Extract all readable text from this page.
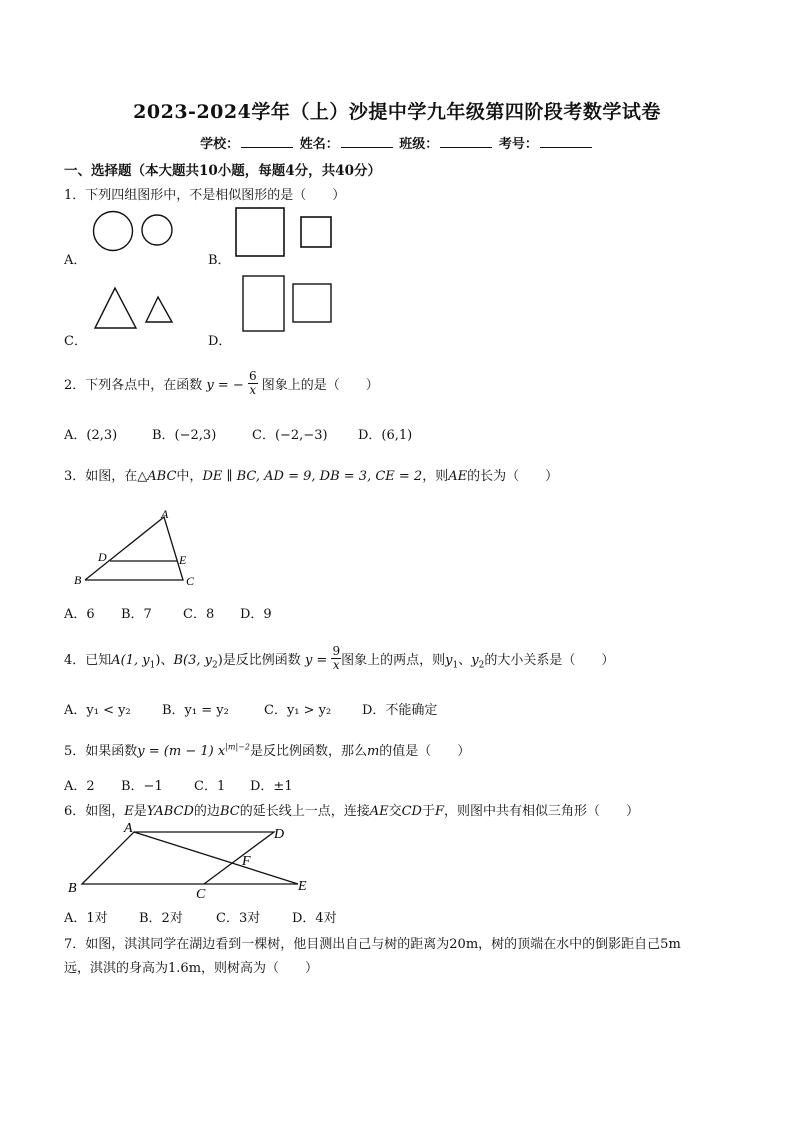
2023-2024学年（上）沙提中学九年级第四阶段考数学试卷
学校：	姓名：	班级：	考号：
一、选择题（本大题共10小题，每题4分，共40分）
1．下列四组图形中，不是相似图形的是（　　）
A．	B．
C．	D．
2．下列各点中，在函数 y = − $\frac{6}{x}$ 图象上的是（　　）
A．(2,3)	B．(−2,3)	C．(−2,−3) D．(6,1)
3．如图，在△ABC中，DE ∥ BC, AD = 9, DB = 3, CE = 2，则AE的长为（　　）
A
B	C
D	E
A．6 B．7 C．8 D．9
4．已知A(1, $y_1$)、B(3, $y_2$)是反比例函数 $y = \frac{9}{x}$ 图象上的两点，则$y_1$、$y_2$的大小关系是（　　）
A．y₁ < y₂ B．y₁ = y₂	C．y₁ > y₂ D．不能确定
5．如果函数y = (m − 1) $x^{|m|-2}$是反比例函数，那么m的值是（　　）
A．2 B．−1 C．1 D．±1
6．如图，E是YABCD的边BC的延长线上一点，连接AE交CD于F，则图中共有相似三角形（　　）
A
B	C
D
E
F
A．1对 B．2对	C．3对 D．4对
7．如图，淇淇同学在湖边看到一棵树，他目测出自己与树的距离为20m，树的顶端在水中的倒影距自己5m
远，淇淇的身高为1.6m，则树高为（　　）
